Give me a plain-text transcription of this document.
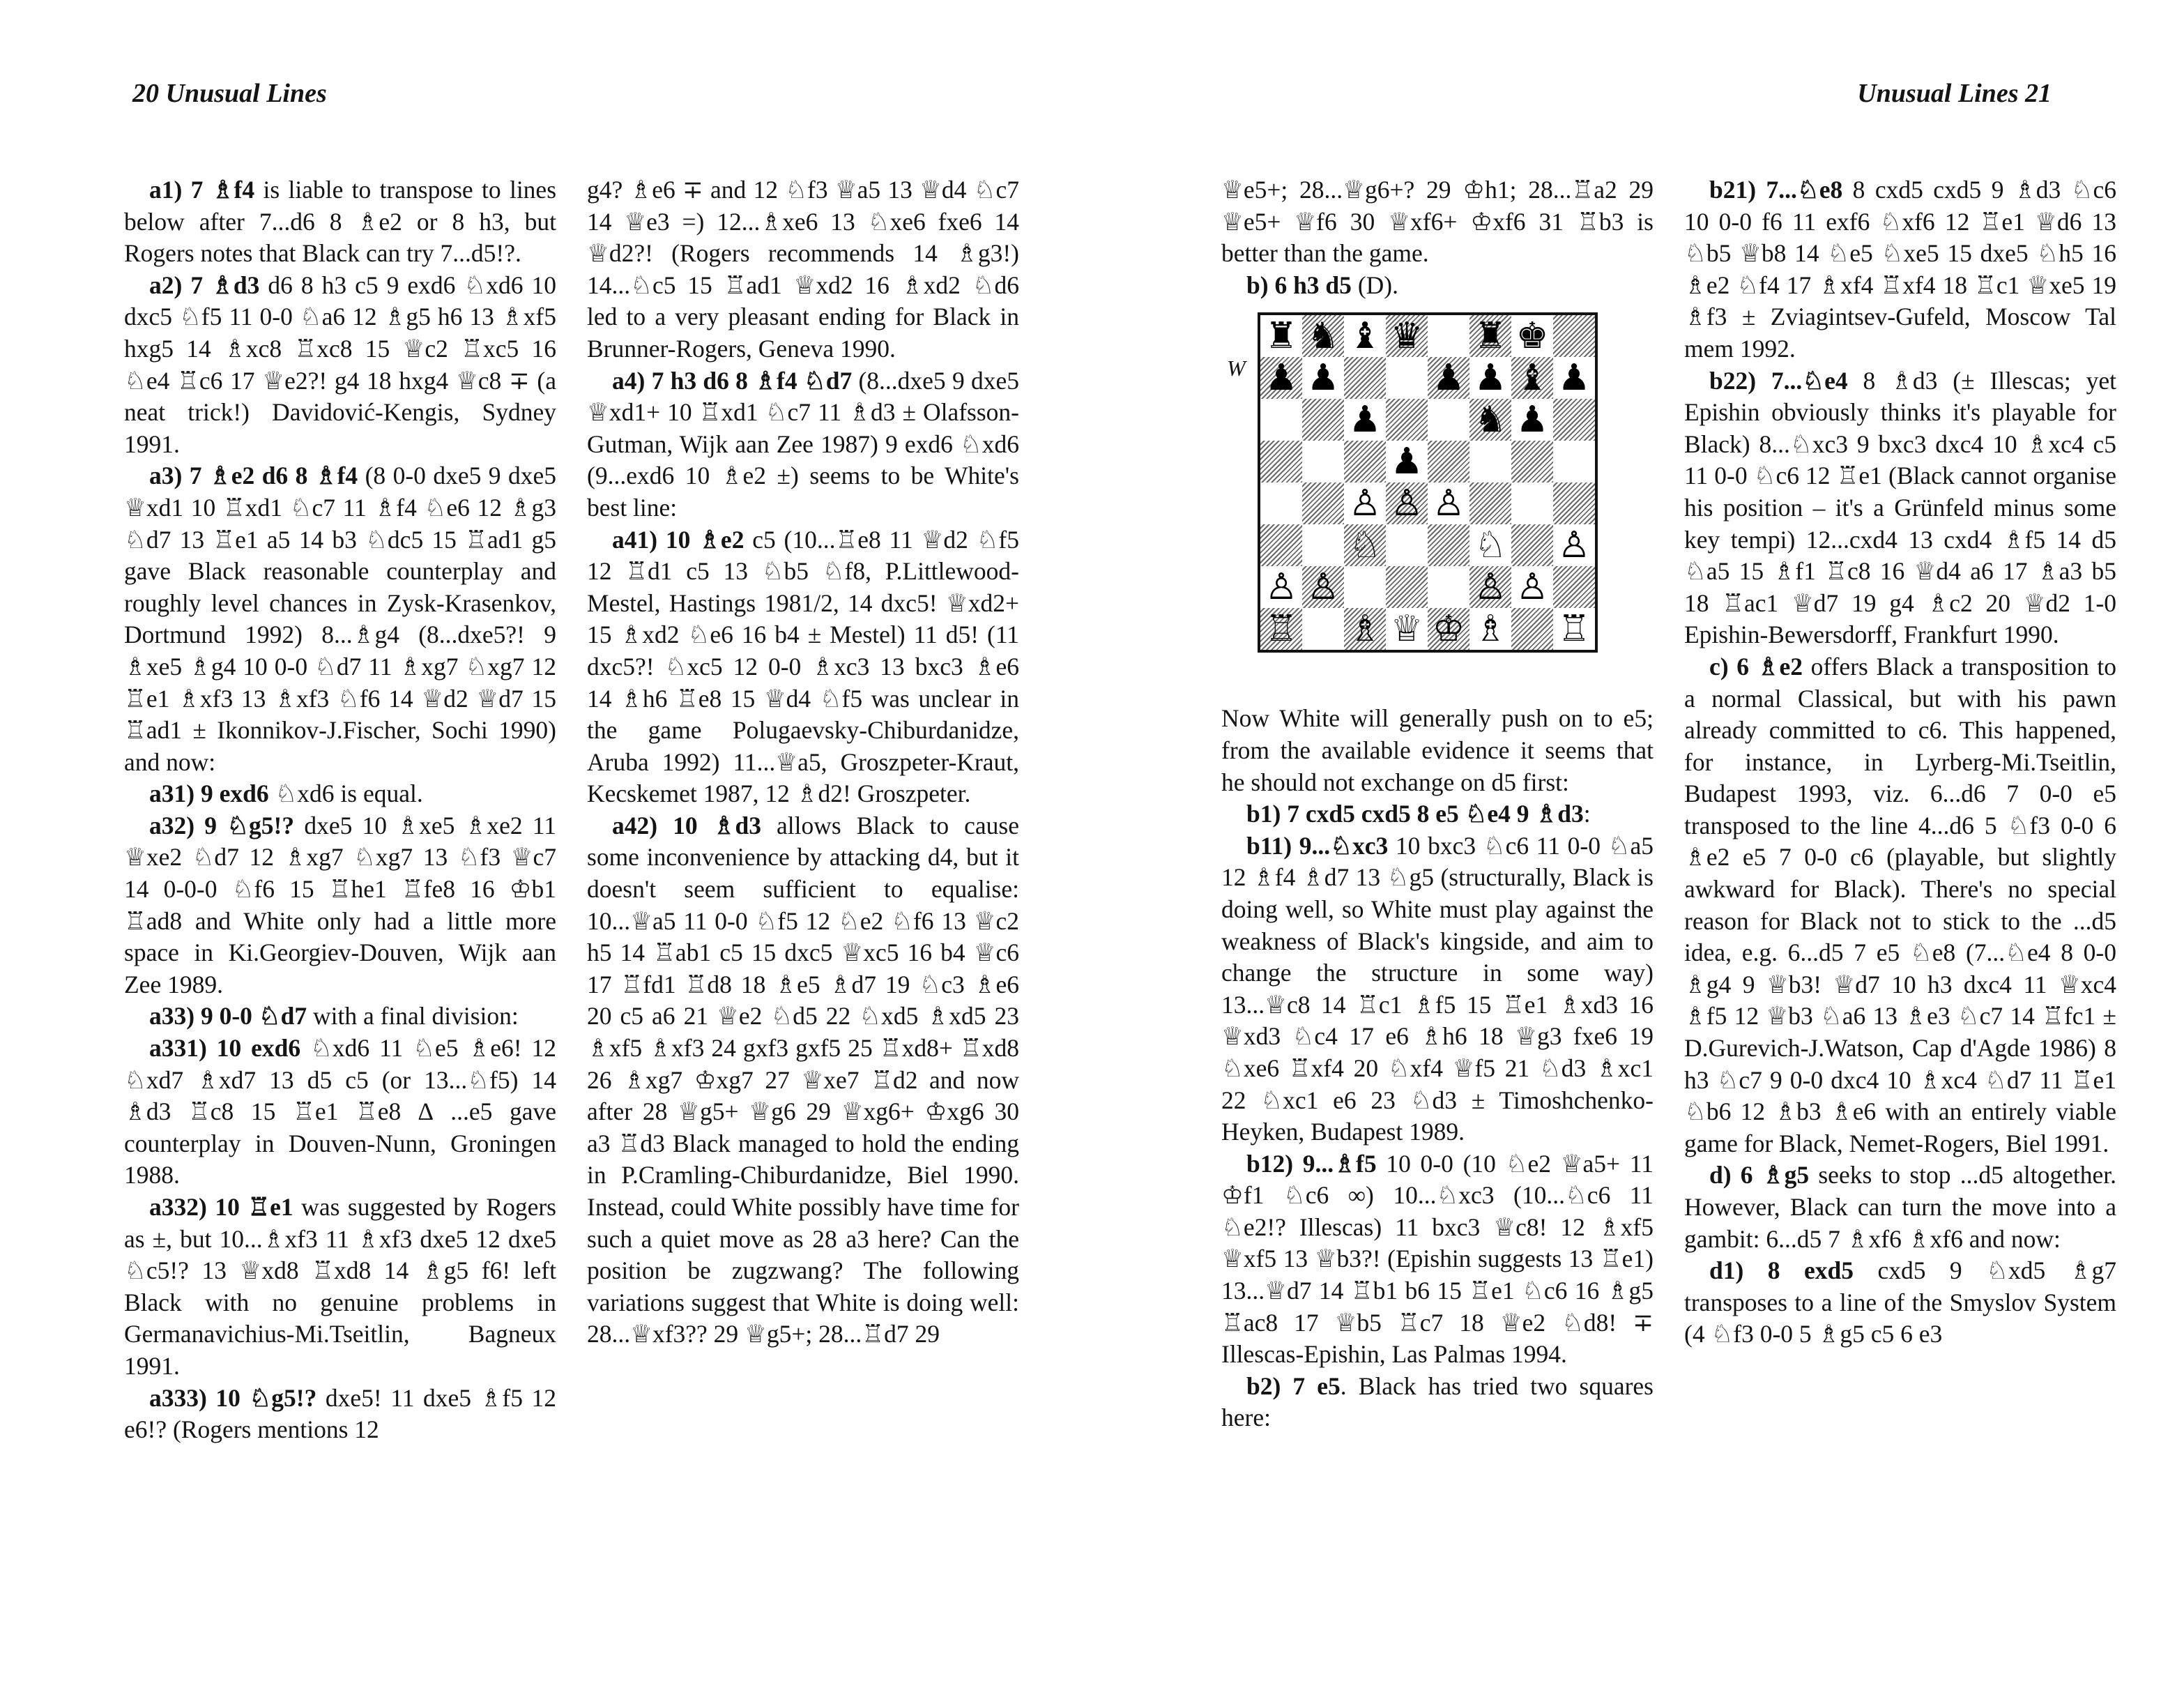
20 Unusual Lines	Unusual Lines 21

a1) 7 ♗f4 is liable to transpose to lines below after 7...d6 8 ♗e2 or 8 h3, but Rogers notes that Black can try 7...d5!?.

a2) 7 ♗d3 d6 8 h3 c5 9 exd6 ♘xd6 10 dxc5 ♘f5 11 0-0 ♘a6 12 ♗g5 h6 13 ♗xf5 hxg5 14 ♗xc8 ♖xc8 15 ♕c2 ♖xc5 16 ♘e4 ♖c6 17 ♕e2?! g4 18 hxg4 ♕c8 ∓ (a neat trick!) Davidović-Kengis, Sydney 1991.

a3) 7 ♗e2 d6 8 ♗f4 (8 0-0 dxe5 9 dxe5 ♕xd1 10 ♖xd1 ♘c7 11 ♗f4 ♘e6 12 ♗g3 ♘d7 13 ♖e1 a5 14 b3 ♘dc5 15 ♖ad1 g5 gave Black reasonable counterplay and roughly level chances in Zysk-Krasenkov, Dortmund 1992) 8...♗g4 (8...dxe5?! 9 ♗xe5 ♗g4 10 0-0 ♘d7 11 ♗xg7 ♘xg7 12 ♖e1 ♗xf3 13 ♗xf3 ♘f6 14 ♕d2 ♕d7 15 ♖ad1 ± Ikonnikov-J.Fischer, Sochi 1990) and now:

a31) 9 exd6 ♘xd6 is equal.

a32) 9 ♘g5!? dxe5 10 ♗xe5 ♗xe2 11 ♕xe2 ♘d7 12 ♗xg7 ♘xg7 13 ♘f3 ♕c7 14 0-0-0 ♘f6 15 ♖he1 ♖fe8 16 ♔b1 ♖ad8 and White only had a little more space in Ki.Georgiev-Douven, Wijk aan Zee 1989.

a33) 9 0-0 ♘d7 with a final division:

a331) 10 exd6 ♘xd6 11 ♘e5 ♗e6! 12 ♘xd7 ♗xd7 13 d5 c5 (or 13...♘f5) 14 ♗d3 ♖c8 15 ♖e1 ♖e8 ∆ ...e5 gave counterplay in Douven-Nunn, Groningen 1988.

a332) 10 ♖e1 was suggested by Rogers as ±, but 10...♗xf3 11 ♗xf3 dxe5 12 dxe5 ♘c5!? 13 ♕xd8 ♖xd8 14 ♗g5 f6! left Black with no genuine problems in Germanavichius-Mi.Tseitlin, Bagneux 1991.

a333) 10 ♘g5!? dxe5! 11 dxe5 ♗f5 12 e6!? (Rogers mentions 12

g4? ♗e6 ∓ and 12 ♘f3 ♕a5 13 ♕d4 ♘c7 14 ♕e3 =) 12...♗xe6 13 ♘xe6 fxe6 14 ♕d2?! (Rogers recommends 14 ♗g3!) 14...♘c5 15 ♖ad1 ♕xd2 16 ♗xd2 ♘d6 led to a very pleasant ending for Black in Brunner-Rogers, Geneva 1990.

a4) 7 h3 d6 8 ♗f4 ♘d7 (8...dxe5 9 dxe5 ♕xd1+ 10 ♖xd1 ♘c7 11 ♗d3 ± Olafsson-Gutman, Wijk aan Zee 1987) 9 exd6 ♘xd6 (9...exd6 10 ♗e2 ±) seems to be White's best line:

a41) 10 ♗e2 c5 (10...♖e8 11 ♕d2 ♘f5 12 ♖d1 c5 13 ♘b5 ♘f8, P.Littlewood-Mestel, Hastings 1981/2, 14 dxc5! ♕xd2+ 15 ♗xd2 ♘e6 16 b4 ± Mestel) 11 d5! (11 dxc5?! ♘xc5 12 0-0 ♗xc3 13 bxc3 ♗e6 14 ♗h6 ♖e8 15 ♕d4 ♘f5 was unclear in the game Polugaevsky-Chiburdanidze, Aruba 1992) 11...♕a5, Groszpeter-Kraut, Kecskemet 1987, 12 ♗d2! Groszpeter.

a42) 10 ♗d3 allows Black to cause some inconvenience by attacking d4, but it doesn't seem sufficient to equalise: 10...♕a5 11 0-0 ♘f5 12 ♘e2 ♘f6 13 ♕c2 h5 14 ♖ab1 c5 15 dxc5 ♕xc5 16 b4 ♕c6 17 ♖fd1 ♖d8 18 ♗e5 ♗d7 19 ♘c3 ♗e6 20 c5 a6 21 ♕e2 ♘d5 22 ♘xd5 ♗xd5 23 ♗xf5 ♗xf3 24 gxf3 gxf5 25 ♖xd8+ ♖xd8 26 ♗xg7 ♔xg7 27 ♕xe7 ♖d2 and now after 28 ♕g5+ ♕g6 29 ♕xg6+ ♔xg6 30 a3 ♖d3 Black managed to hold the ending in P.Cramling-Chiburdanidze, Biel 1990. Instead, could White possibly have time for such a quiet move as 28 a3 here? Can the position be zugzwang? The following variations suggest that White is doing well: 28...♕xf3?? 29 ♕g5+; 28...♖d7 29

♕e5+; 28...♕g6+? 29 ♔h1; 28...♖a2 29 ♕e5+ ♕f6 30 ♕xf6+ ♔xf6 31 ♖b3 is better than the game.

b) 6 h3 d5 (D).

W
♜ ♞ ♝ ♛ ♜ ♚
♟ ♟	♟ ♟ ♝ ♟
♟	♞ ♟
♟
♙ ♙ ♙
♘	♘ ♙
♙ ♙	♙ ♙
♖ ♗ ♕ ♔ ♗ ♖

Now White will generally push on to e5; from the available evidence it seems that he should not exchange on d5 first:

b1) 7 cxd5 cxd5 8 e5 ♘e4 9 ♗d3:

b11) 9...♘xc3 10 bxc3 ♘c6 11 0-0 ♘a5 12 ♗f4 ♗d7 13 ♘g5 (structurally, Black is doing well, so White must play against the weakness of Black's kingside, and aim to change the structure in some way) 13...♕c8 14 ♖c1 ♗f5 15 ♖e1 ♗xd3 16 ♕xd3 ♘c4 17 e6 ♗h6 18 ♕g3 fxe6 19 ♘xe6 ♖xf4 20 ♘xf4 ♕f5 21 ♘d3 ♗xc1 22 ♘xc1 e6 23 ♘d3 ± Timoshchenko-Heyken, Budapest 1989.

b12) 9...♗f5 10 0-0 (10 ♘e2 ♕a5+ 11 ♔f1 ♘c6 ∞) 10...♘xc3 (10...♘c6 11 ♘e2!? Illescas) 11 bxc3 ♕c8! 12 ♗xf5 ♕xf5 13 ♕b3?! (Epishin suggests 13 ♖e1) 13...♕d7 14 ♖b1 b6 15 ♖e1 ♘c6 16 ♗g5 ♖ac8 17 ♕b5 ♖c7 18 ♕e2 ♘d8! ∓ Illescas-Epishin, Las Palmas 1994.

b2) 7 e5. Black has tried two squares here:

b21) 7...♘e8 8 cxd5 cxd5 9 ♗d3 ♘c6 10 0-0 f6 11 exf6 ♘xf6 12 ♖e1 ♕d6 13 ♘b5 ♕b8 14 ♘e5 ♘xe5 15 dxe5 ♘h5 16 ♗e2 ♘f4 17 ♗xf4 ♖xf4 18 ♖c1 ♕xe5 19 ♗f3 ± Zviagintsev-Gufeld, Moscow Tal mem 1992.

b22) 7...♘e4 8 ♗d3 (± Illescas; yet Epishin obviously thinks it's playable for Black) 8...♘xc3 9 bxc3 dxc4 10 ♗xc4 c5 11 0-0 ♘c6 12 ♖e1 (Black cannot organise his position – it's a Grünfeld minus some key tempi) 12...cxd4 13 cxd4 ♗f5 14 d5 ♘a5 15 ♗f1 ♖c8 16 ♕d4 a6 17 ♗a3 b5 18 ♖ac1 ♕d7 19 g4 ♗c2 20 ♕d2 1-0 Epishin-Bewersdorff, Frankfurt 1990.

c) 6 ♗e2 offers Black a transposition to a normal Classical, but with his pawn already committed to c6. This happened, for instance, in Lyrberg-Mi.Tseitlin, Budapest 1993, viz. 6...d6 7 0-0 e5 transposed to the line 4...d6 5 ♘f3 0-0 6 ♗e2 e5 7 0-0 c6 (playable, but slightly awkward for Black). There's no special reason for Black not to stick to the ...d5 idea, e.g. 6...d5 7 e5 ♘e8 (7...♘e4 8 0-0 ♗g4 9 ♕b3! ♕d7 10 h3 dxc4 11 ♕xc4 ♗f5 12 ♕b3 ♘a6 13 ♗e3 ♘c7 14 ♖fc1 ± D.Gurevich-J.Watson, Cap d'Agde 1986) 8 h3 ♘c7 9 0-0 dxc4 10 ♗xc4 ♘d7 11 ♖e1 ♘b6 12 ♗b3 ♗e6 with an entirely viable game for Black, Nemet-Rogers, Biel 1991.

d) 6 ♗g5 seeks to stop ...d5 altogether. However, Black can turn the move into a gambit: 6...d5 7 ♗xf6 ♗xf6 and now:

d1) 8 exd5 cxd5 9 ♘xd5 ♗g7 transposes to a line of the Smyslov System (4 ♘f3 0-0 5 ♗g5 c5 6 e3
